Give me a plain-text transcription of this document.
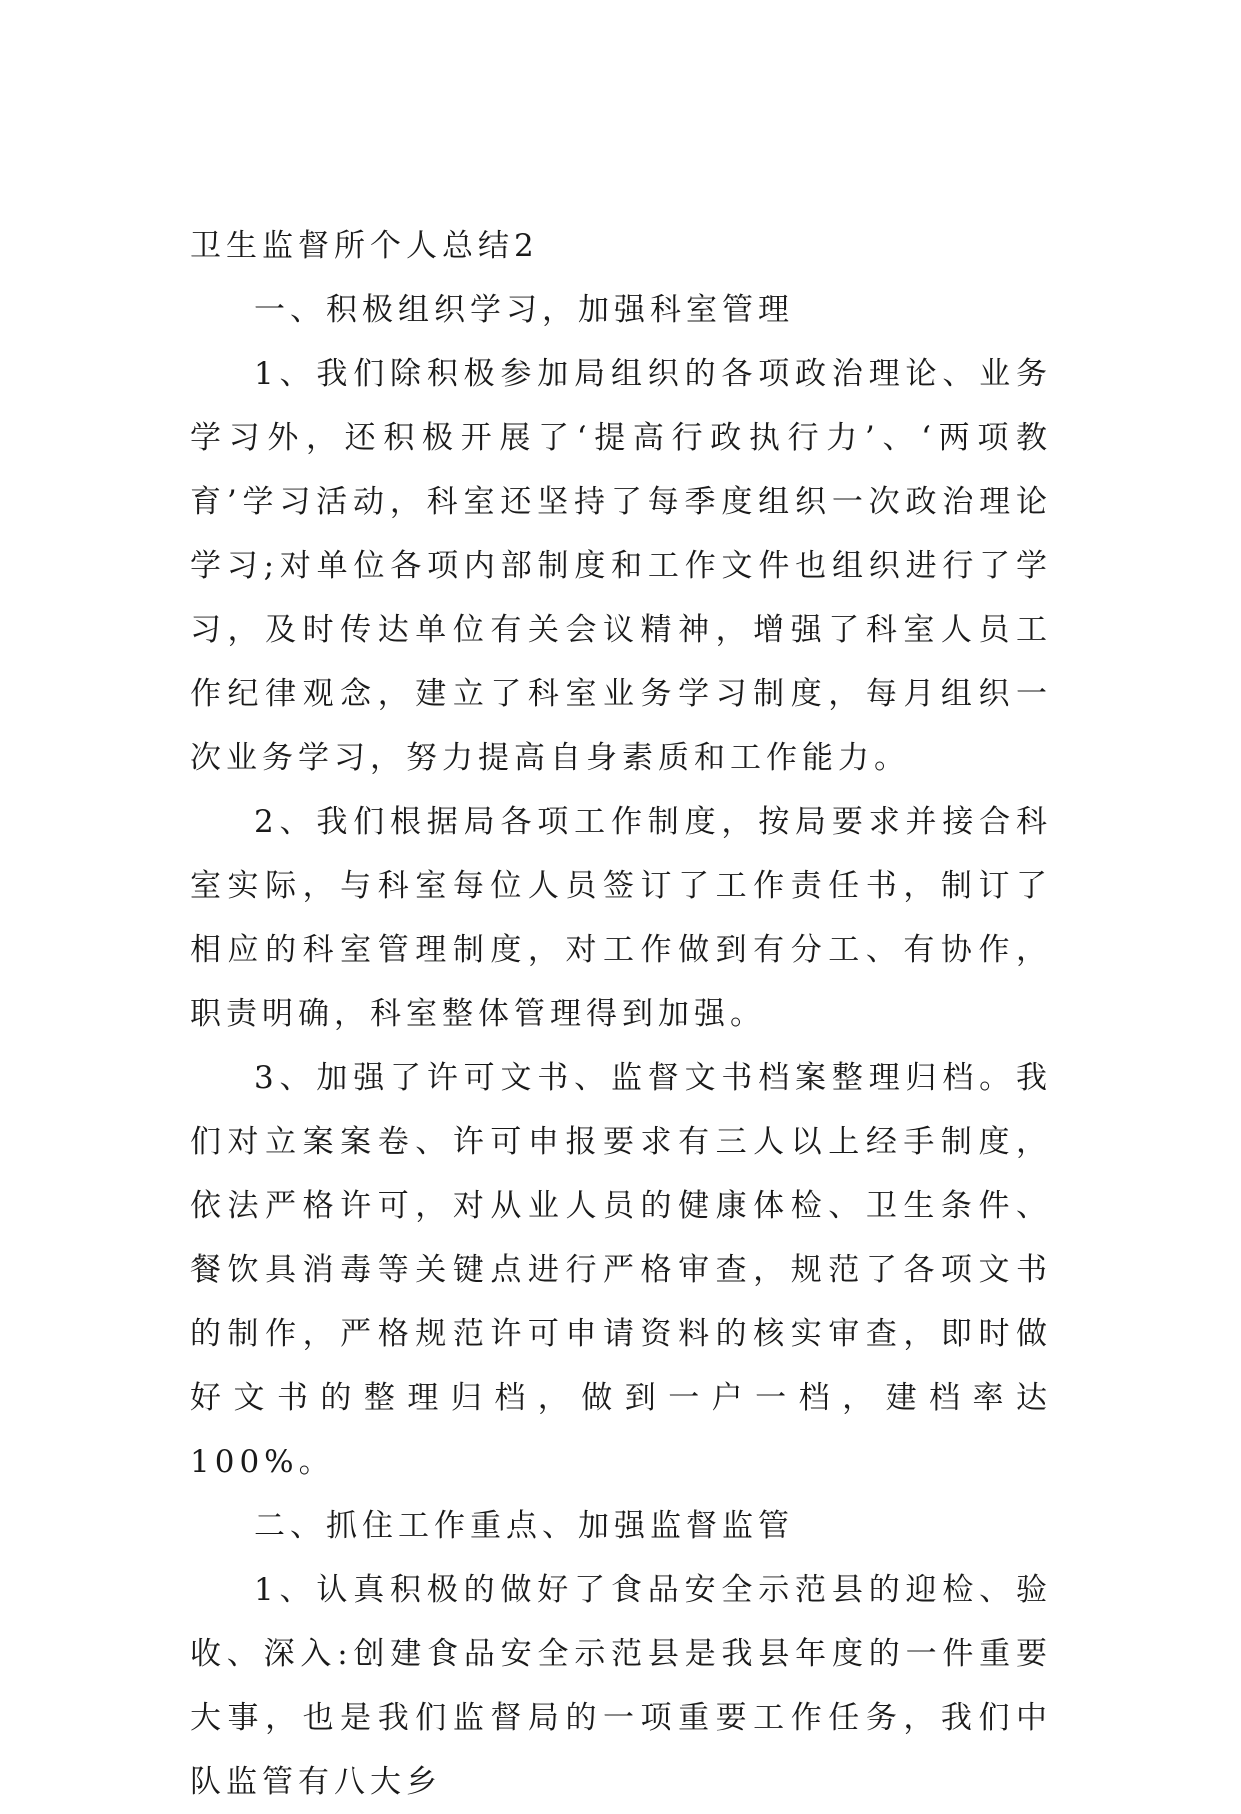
卫生监督所个人总结2

一、积极组织学习，加强科室管理

1、我们除积极参加局组织的各项政治理论、业务学习外，还积极开展了‘提高行政执行力’、‘两项教育’学习活动，科室还坚持了每季度组织一次政治理论学习;对单位各项内部制度和工作文件也组织进行了学习，及时传达单位有关会议精神，增强了科室人员工作纪律观念，建立了科室业务学习制度，每月组织一次业务学习，努力提高自身素质和工作能力。

2、我们根据局各项工作制度，按局要求并接合科室实际，与科室每位人员签订了工作责任书，制订了相应的科室管理制度，对工作做到有分工、有协作，职责明确，科室整体管理得到加强。

3、加强了许可文书、监督文书档案整理归档。我们对立案案卷、许可申报要求有三人以上经手制度，依法严格许可，对从业人员的健康体检、卫生条件、餐饮具消毒等关键点进行严格审查，规范了各项文书的制作，严格规范许可申请资料的核实审查，即时做好文书的整理归档，做到一户一档，建档率达100%。

二、抓住工作重点、加强监督监管

1、认真积极的做好了食品安全示范县的迎检、验收、深入:创建食品安全示范县是我县年度的一件重要大事，也是我们监督局的一项重要工作任务，我们中队监管有八大乡
